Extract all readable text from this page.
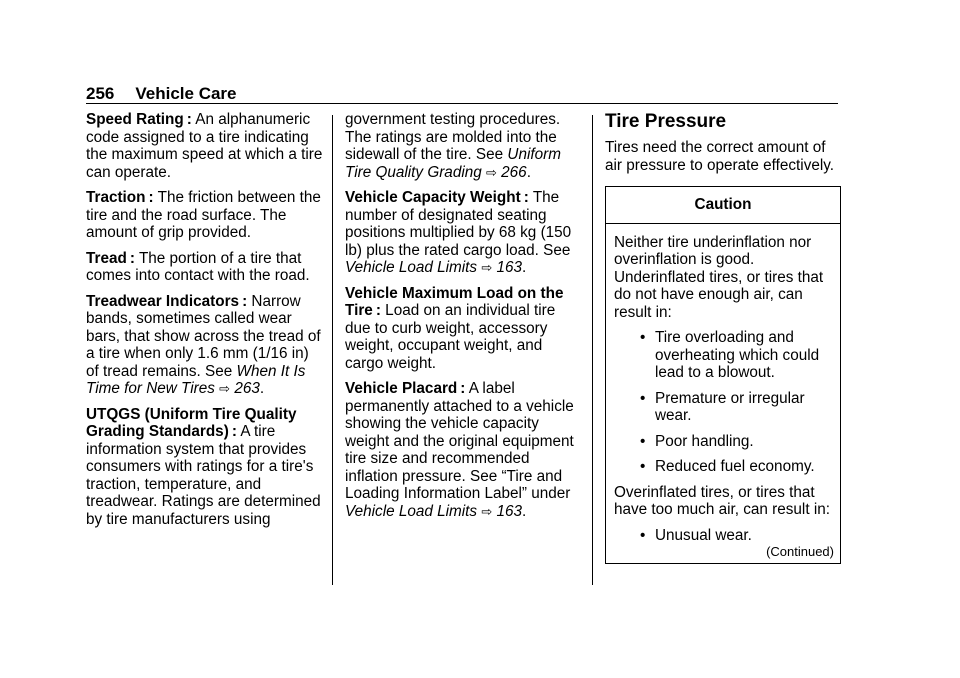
256 Vehicle Care

Speed Rating : An alphanumeric code assigned to a tire indicating the maximum speed at which a tire can operate.

Traction : The friction between the tire and the road surface. The amount of grip provided.

Tread : The portion of a tire that comes into contact with the road.

Treadwear Indicators : Narrow bands, sometimes called wear bars, that show across the tread of a tire when only 1.6 mm (1/16 in) of tread remains. See When It Is Time for New Tires ⇨ 263.

UTQGS (Uniform Tire Quality Grading Standards) : A tire information system that provides consumers with ratings for a tire's traction, temperature, and treadwear. Ratings are determined by tire manufacturers using

government testing procedures. The ratings are molded into the sidewall of the tire. See Uniform Tire Quality Grading ⇨ 266.

Vehicle Capacity Weight : The number of designated seating positions multiplied by 68 kg (150 lb) plus the rated cargo load. See Vehicle Load Limits ⇨ 163.

Vehicle Maximum Load on the Tire : Load on an individual tire due to curb weight, accessory weight, occupant weight, and cargo weight.

Vehicle Placard : A label permanently attached to a vehicle showing the vehicle capacity weight and the original equipment tire size and recommended inflation pressure. See “Tire and Loading Information Label” under Vehicle Load Limits ⇨ 163.

Tire Pressure

Tires need the correct amount of air pressure to operate effectively.

Caution

Neither tire underinflation nor overinflation is good. Underinflated tires, or tires that do not have enough air, can result in:

• Tire overloading and overheating which could lead to a blowout.
• Premature or irregular wear.
• Poor handling.
• Reduced fuel economy.

Overinflated tires, or tires that have too much air, can result in:

• Unusual wear.
(Continued)
